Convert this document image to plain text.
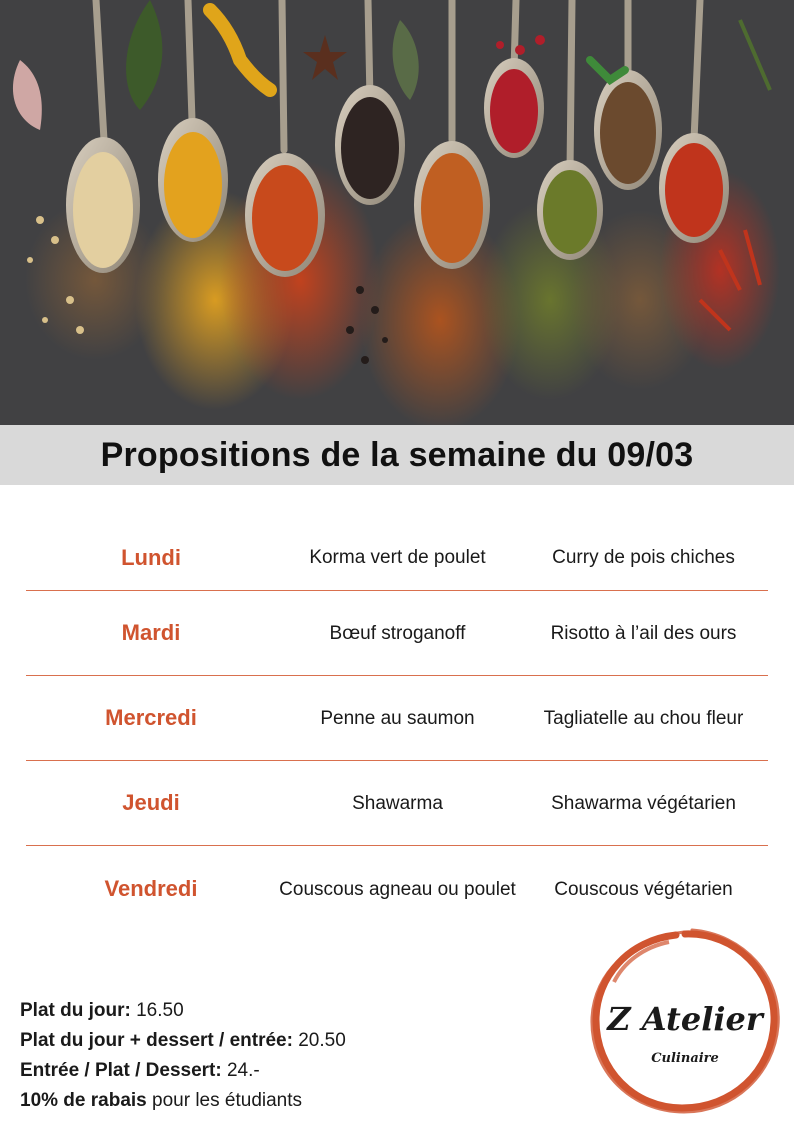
Propositions de la semaine du 09/03
Lundi	Korma vert de poulet	Curry de pois chiches
Mardi	Bœuf stroganoff	Risotto à l’ail des ours
Mercredi	Penne au saumon	Tagliatelle au chou fleur
Jeudi	Shawarma	Shawarma végétarien
Vendredi	Couscous agneau ou poulet	Couscous végétarien
Plat du jour: 16.50
Plat du jour + dessert / entrée: 20.50
Entrée / Plat / Dessert: 24.-
10% de rabais pour les étudiants
Z Atelier
Culinaire
